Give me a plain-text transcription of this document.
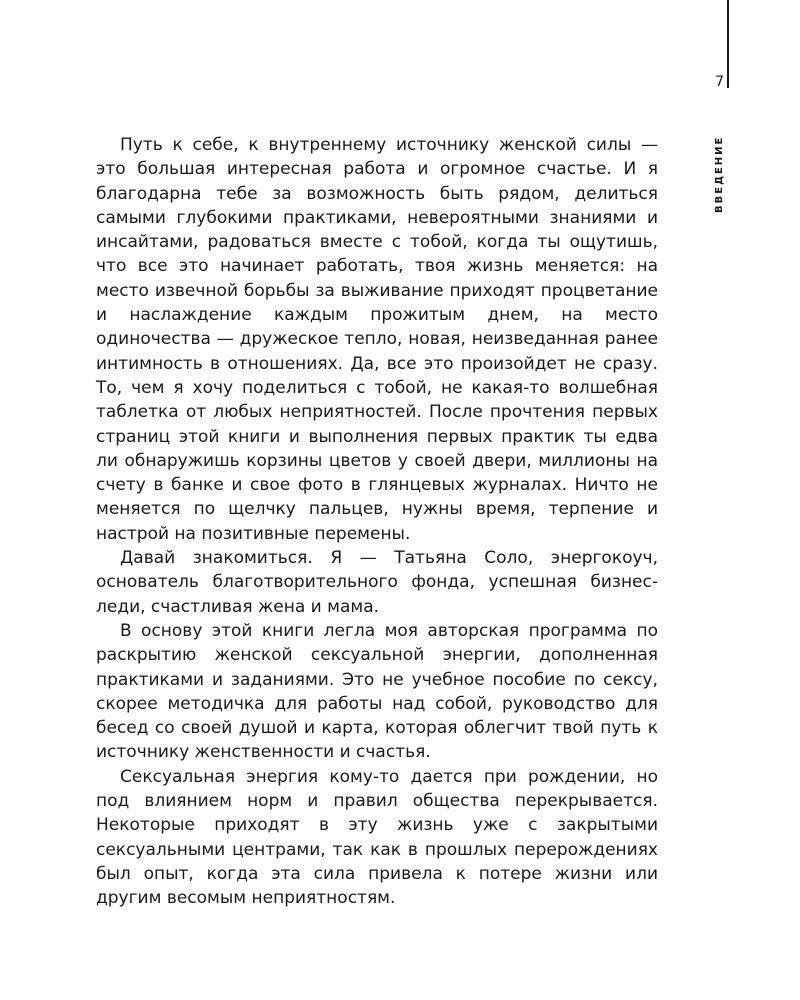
7
ВВЕДЕНИЕ

Путь к себе, к внутреннему источнику женской силы — это большая интересная работа и огромное счастье. И я благодарна тебе за возможность быть рядом, делиться самыми глубокими практиками, невероятными знаниями и инсайтами, радоваться вместе с тобой, когда ты ощутишь, что все это начинает работать, твоя жизнь меняется: на место извечной борьбы за выживание приходят процветание и наслаждение каждым прожитым днем, на место одиночества — дружеское тепло, новая, неизведанная ранее интимность в отношениях. Да, все это произойдет не сразу. То, чем я хочу поделиться с тобой, не какая-то волшебная таблетка от любых неприятностей. После прочтения первых страниц этой книги и выполнения первых практик ты едва ли обнаружишь корзины цветов у своей двери, миллионы на счету в банке и свое фото в глянцевых журналах. Ничто не меняется по щелчку пальцев, нужны время, терпение и настрой на позитивные перемены.

Давай знакомиться. Я — Татьяна Соло, энергокоуч, основатель благотворительного фонда, успешная бизнес-леди, счастливая жена и мама.

В основу этой книги легла моя авторская программа по раскрытию женской сексуальной энергии, дополненная практиками и заданиями. Это не учебное пособие по сексу, скорее методичка для работы над собой, руководство для бесед со своей душой и карта, которая облегчит твой путь к источнику женственности и счастья.

Сексуальная энергия кому-то дается при рождении, но под влиянием норм и правил общества перекрывается. Некоторые приходят в эту жизнь уже с закрытыми сексуальными центрами, так как в прошлых перерождениях был опыт, когда эта сила привела к потере жизни или другим весомым неприятностям.
